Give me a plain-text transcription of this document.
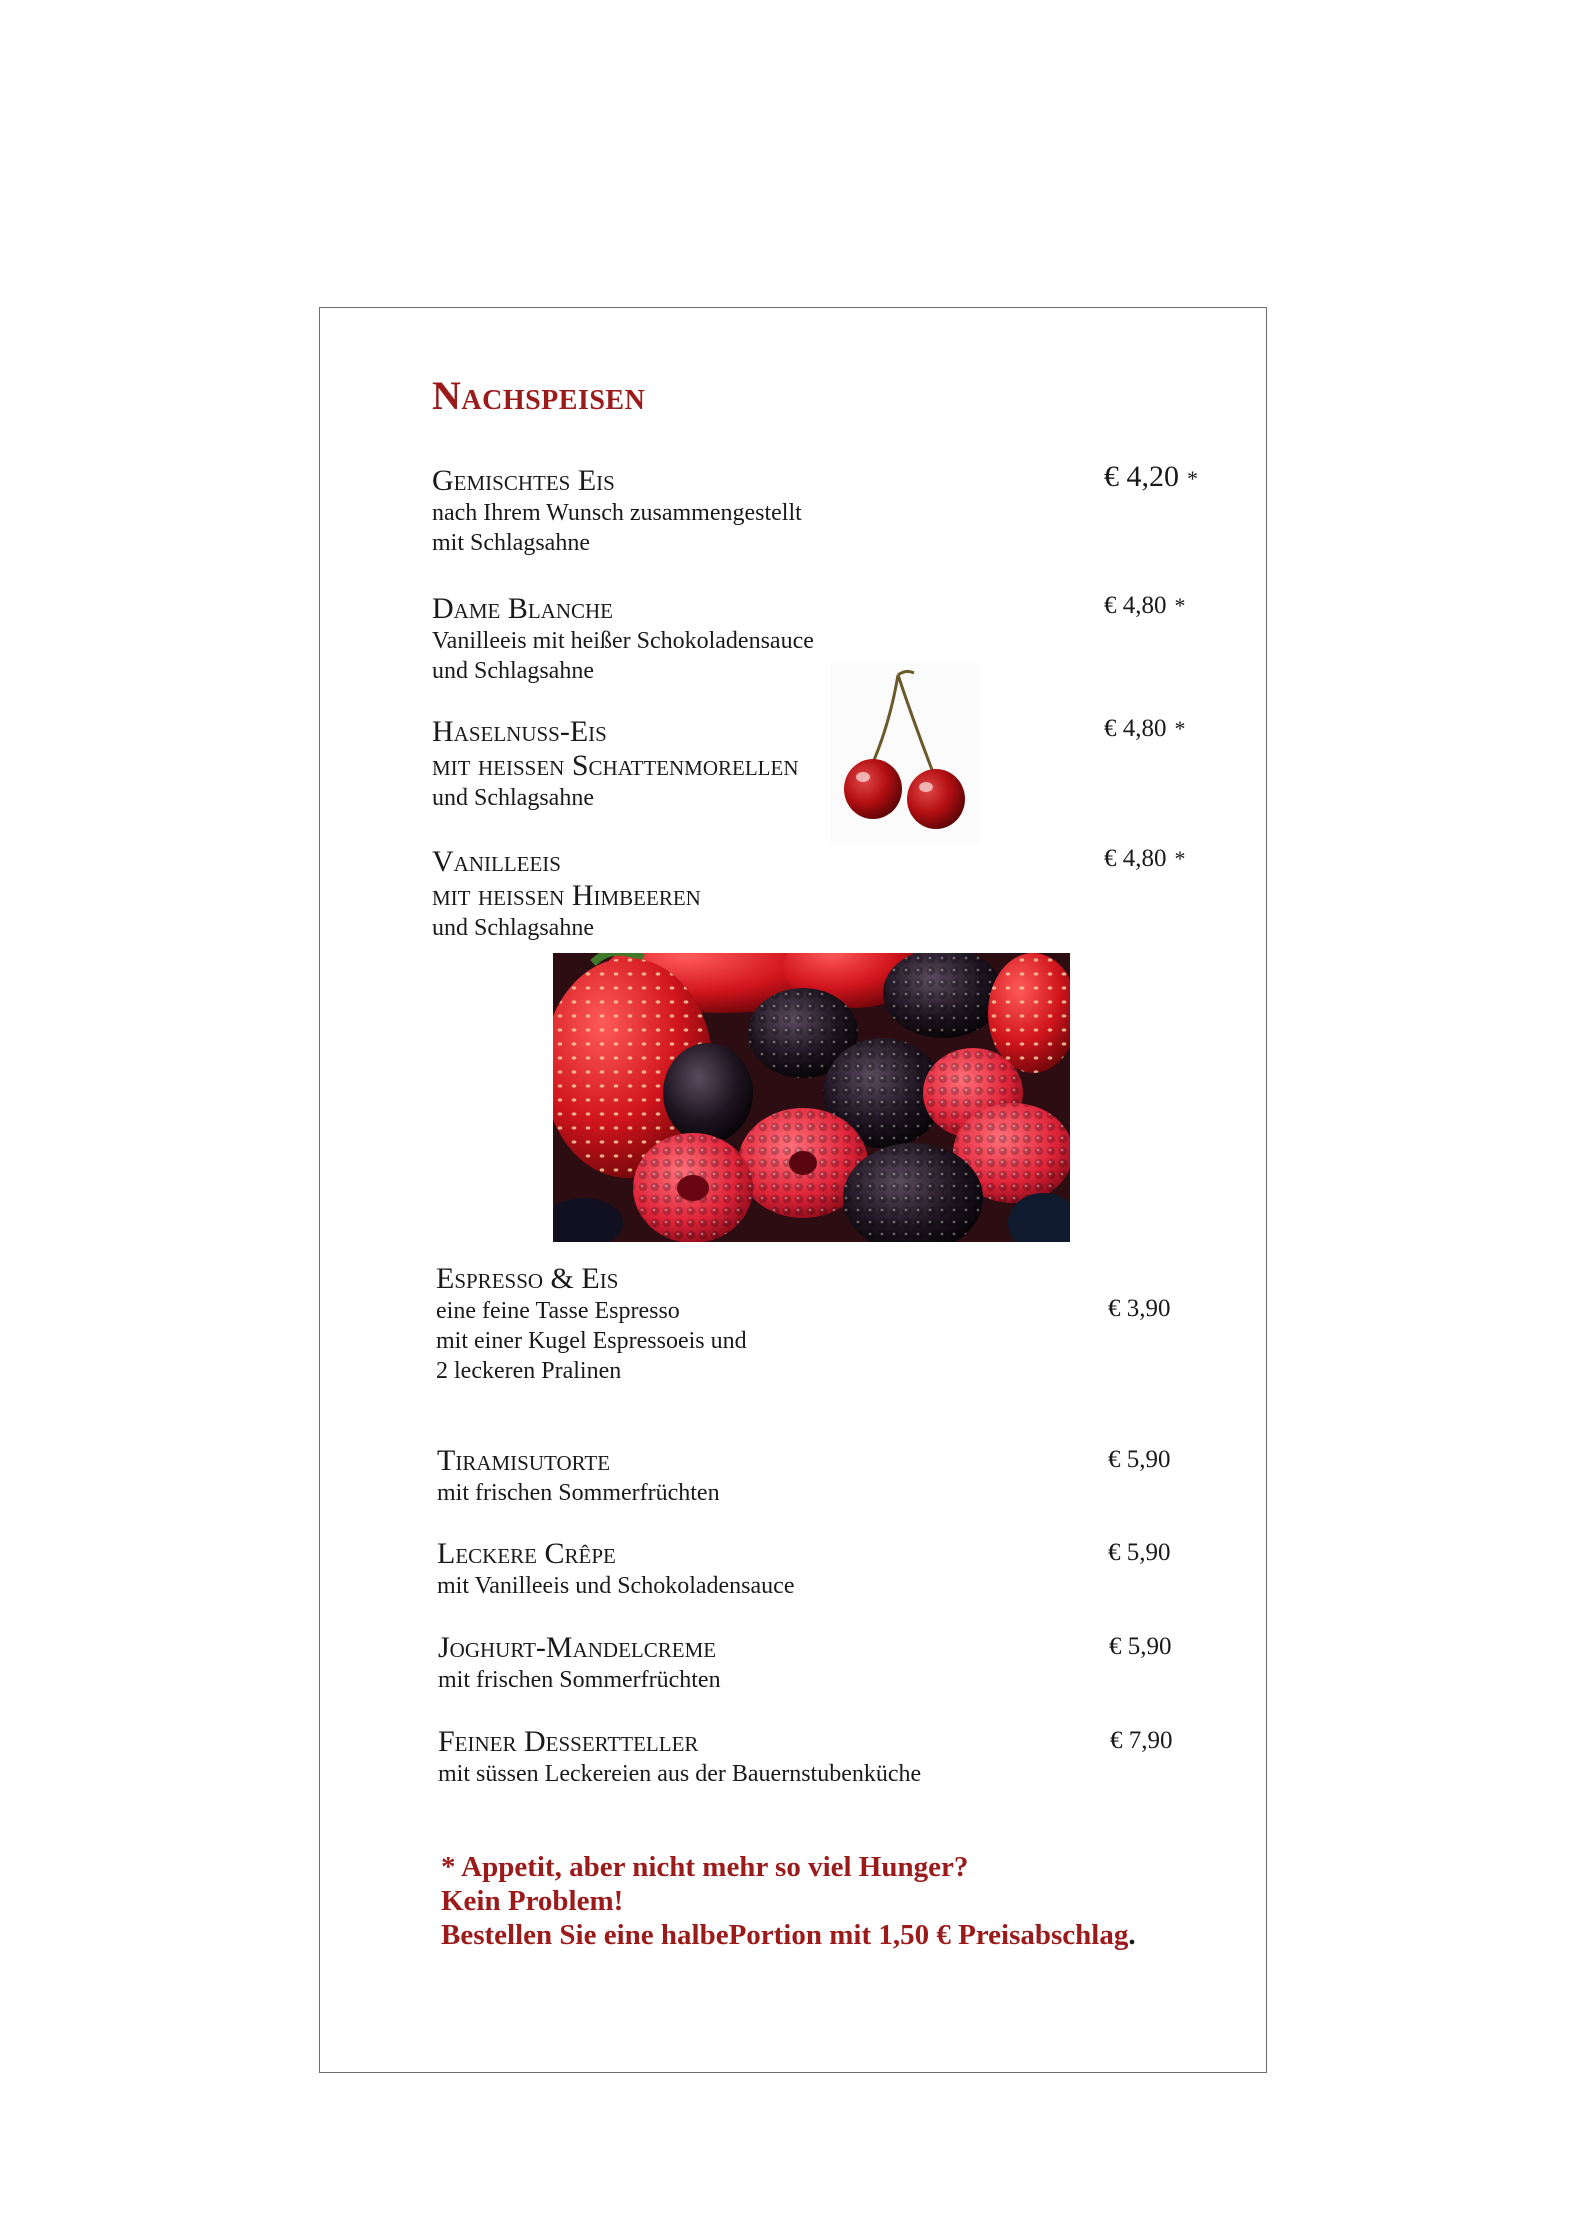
Nachspeisen
Gemischtes Eis
nach Ihrem Wunsch zusammengestellt
mit Schlagsahne
€ 4,20 *
Dame Blanche
Vanilleeis mit heißer Schokoladensauce
und Schlagsahne
€ 4,80 *
Haselnuss-Eis
mit heissen Schattenmorellen
und Schlagsahne
€ 4,80 *
Vanilleeis
mit heissen Himbeeren
und Schlagsahne
€ 4,80 *
Espresso & Eis
eine feine Tasse Espresso
mit einer Kugel Espressoeis und
2 leckeren Pralinen
€ 3,90
Tiramisutorte
mit frischen Sommerfrüchten
€ 5,90
Leckere Crêpe
mit Vanilleeis und Schokoladensauce
€ 5,90
Joghurt-Mandelcreme
mit frischen Sommerfrüchten
€ 5,90
Feiner Dessertteller
mit süssen Leckereien aus der Bauernstubenküche
€ 7,90
* Appetit, aber nicht mehr so viel Hunger?
Kein Problem!
Bestellen Sie eine halbePortion mit 1,50 € Preisabschlag.
